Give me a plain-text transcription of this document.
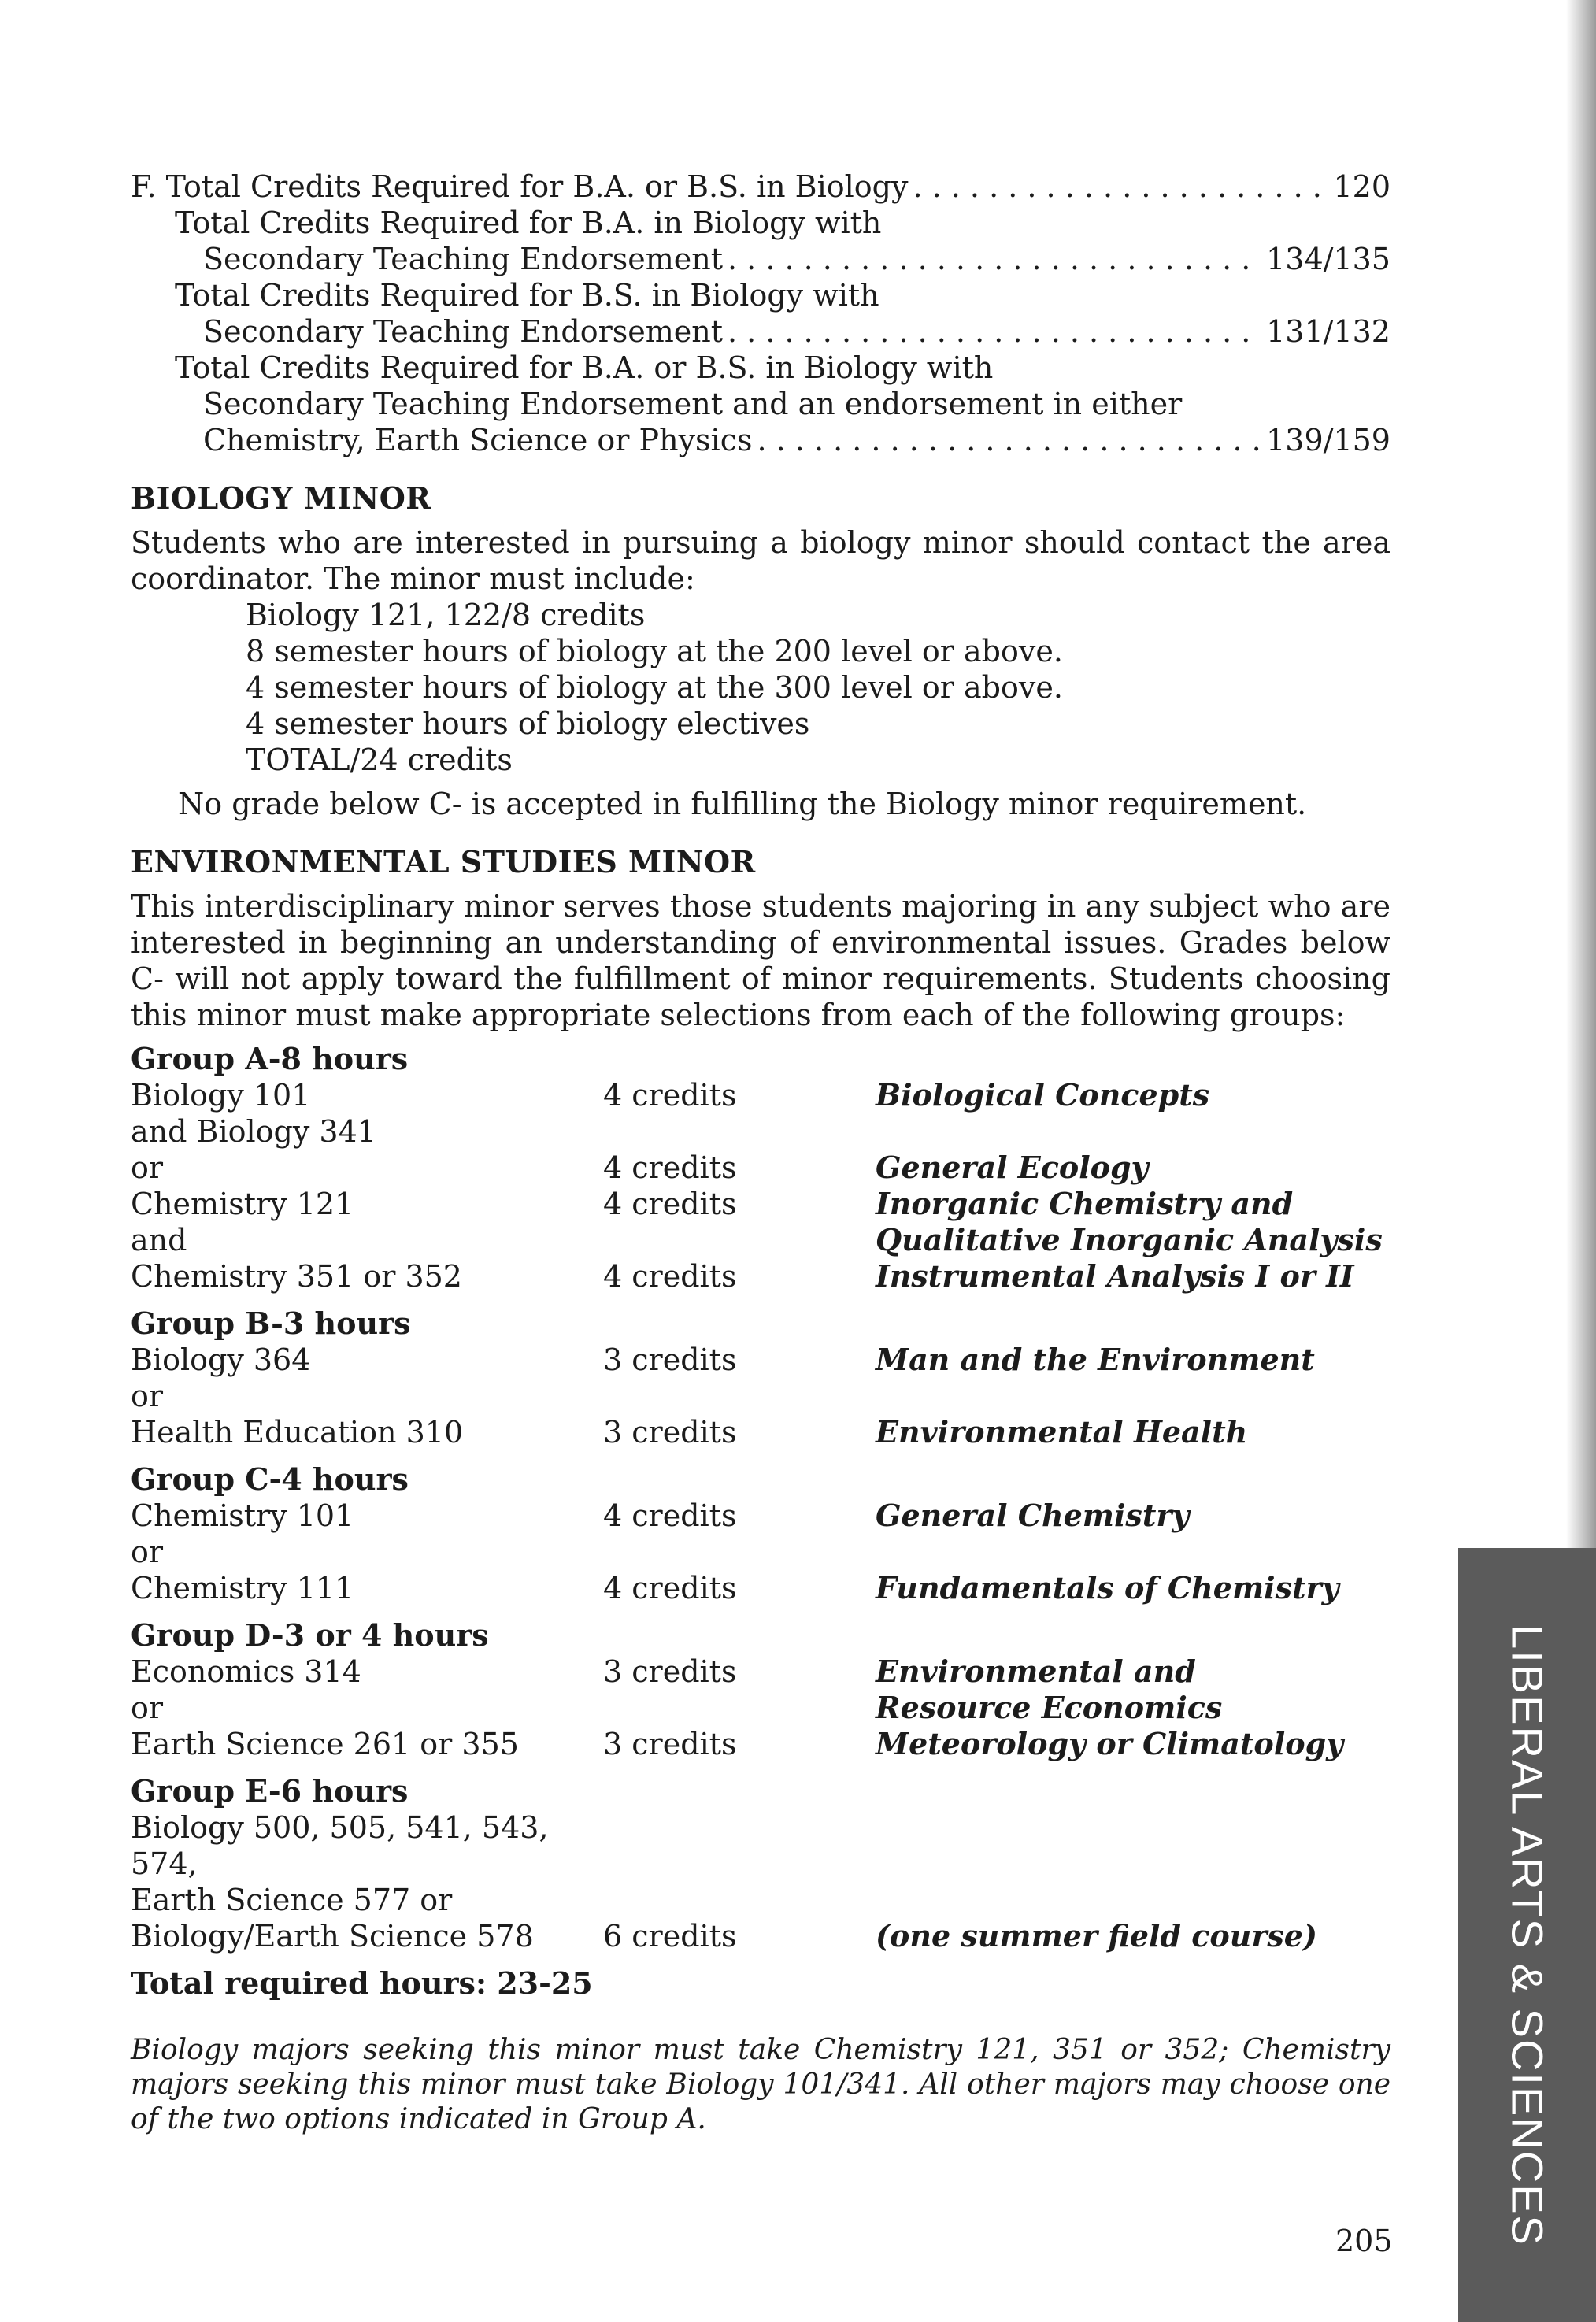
F. Total Credits Required for B.A. or B.S. in Biology . . .	120
Total Credits Required for B.A. in Biology with
Secondary Teaching Endorsement . . .	134/135
Total Credits Required for B.S. in Biology with
Secondary Teaching Endorsement . . .	131/132
Total Credits Required for B.A. or B.S. in Biology with
Secondary Teaching Endorsement and an endorsement in either
Chemistry, Earth Science or Physics . . .	139/159
BIOLOGY MINOR
Students who are interested in pursuing a biology minor should contact the area coordinator. The minor must include:
Biology 121, 122/8 credits
8 semester hours of biology at the 200 level or above.
4 semester hours of biology at the 300 level or above.
4 semester hours of biology electives
TOTAL/24 credits
No grade below C- is accepted in fulfilling the Biology minor requirement.
ENVIRONMENTAL STUDIES MINOR
This interdisciplinary minor serves those students majoring in any subject who are interested in beginning an understanding of environmental issues. Grades below C- will not apply toward the fulfillment of minor requirements. Students choosing this minor must make appropriate selections from each of the following groups:
Group A-8 hours		
Biology 101	4 credits	Biological Concepts
and Biology 341		
or	4 credits	General Ecology
Chemistry 121	4 credits	Inorganic Chemistry and
and		Qualitative Inorganic Analysis
Chemistry 351 or 352	4 credits	Instrumental Analysis I or II
Group B-3 hours		
Biology 364	3 credits	Man and the Environment
or		
Health Education 310	3 credits	Environmental Health
Group C-4 hours		
Chemistry 101	4 credits	General Chemistry
or		
Chemistry 111	4 credits	Fundamentals of Chemistry
Group D-3 or 4 hours		
Economics 314	3 credits	Environmental and
or		Resource Economics
Earth Science 261 or 355	3 credits	Meteorology or Climatology
Group E-6 hours		
Biology 500, 505, 541, 543, 574,		
Earth Science 577 or		
Biology/Earth Science 578	6 credits	(one summer field course)
Total required hours: 23-25		
Biology majors seeking this minor must take Chemistry 121, 351 or 352; Chemistry majors seeking this minor must take Biology 101/341. All other majors may choose one of the two options indicated in Group A.
205 LIBERAL ARTS & SCIENCES
